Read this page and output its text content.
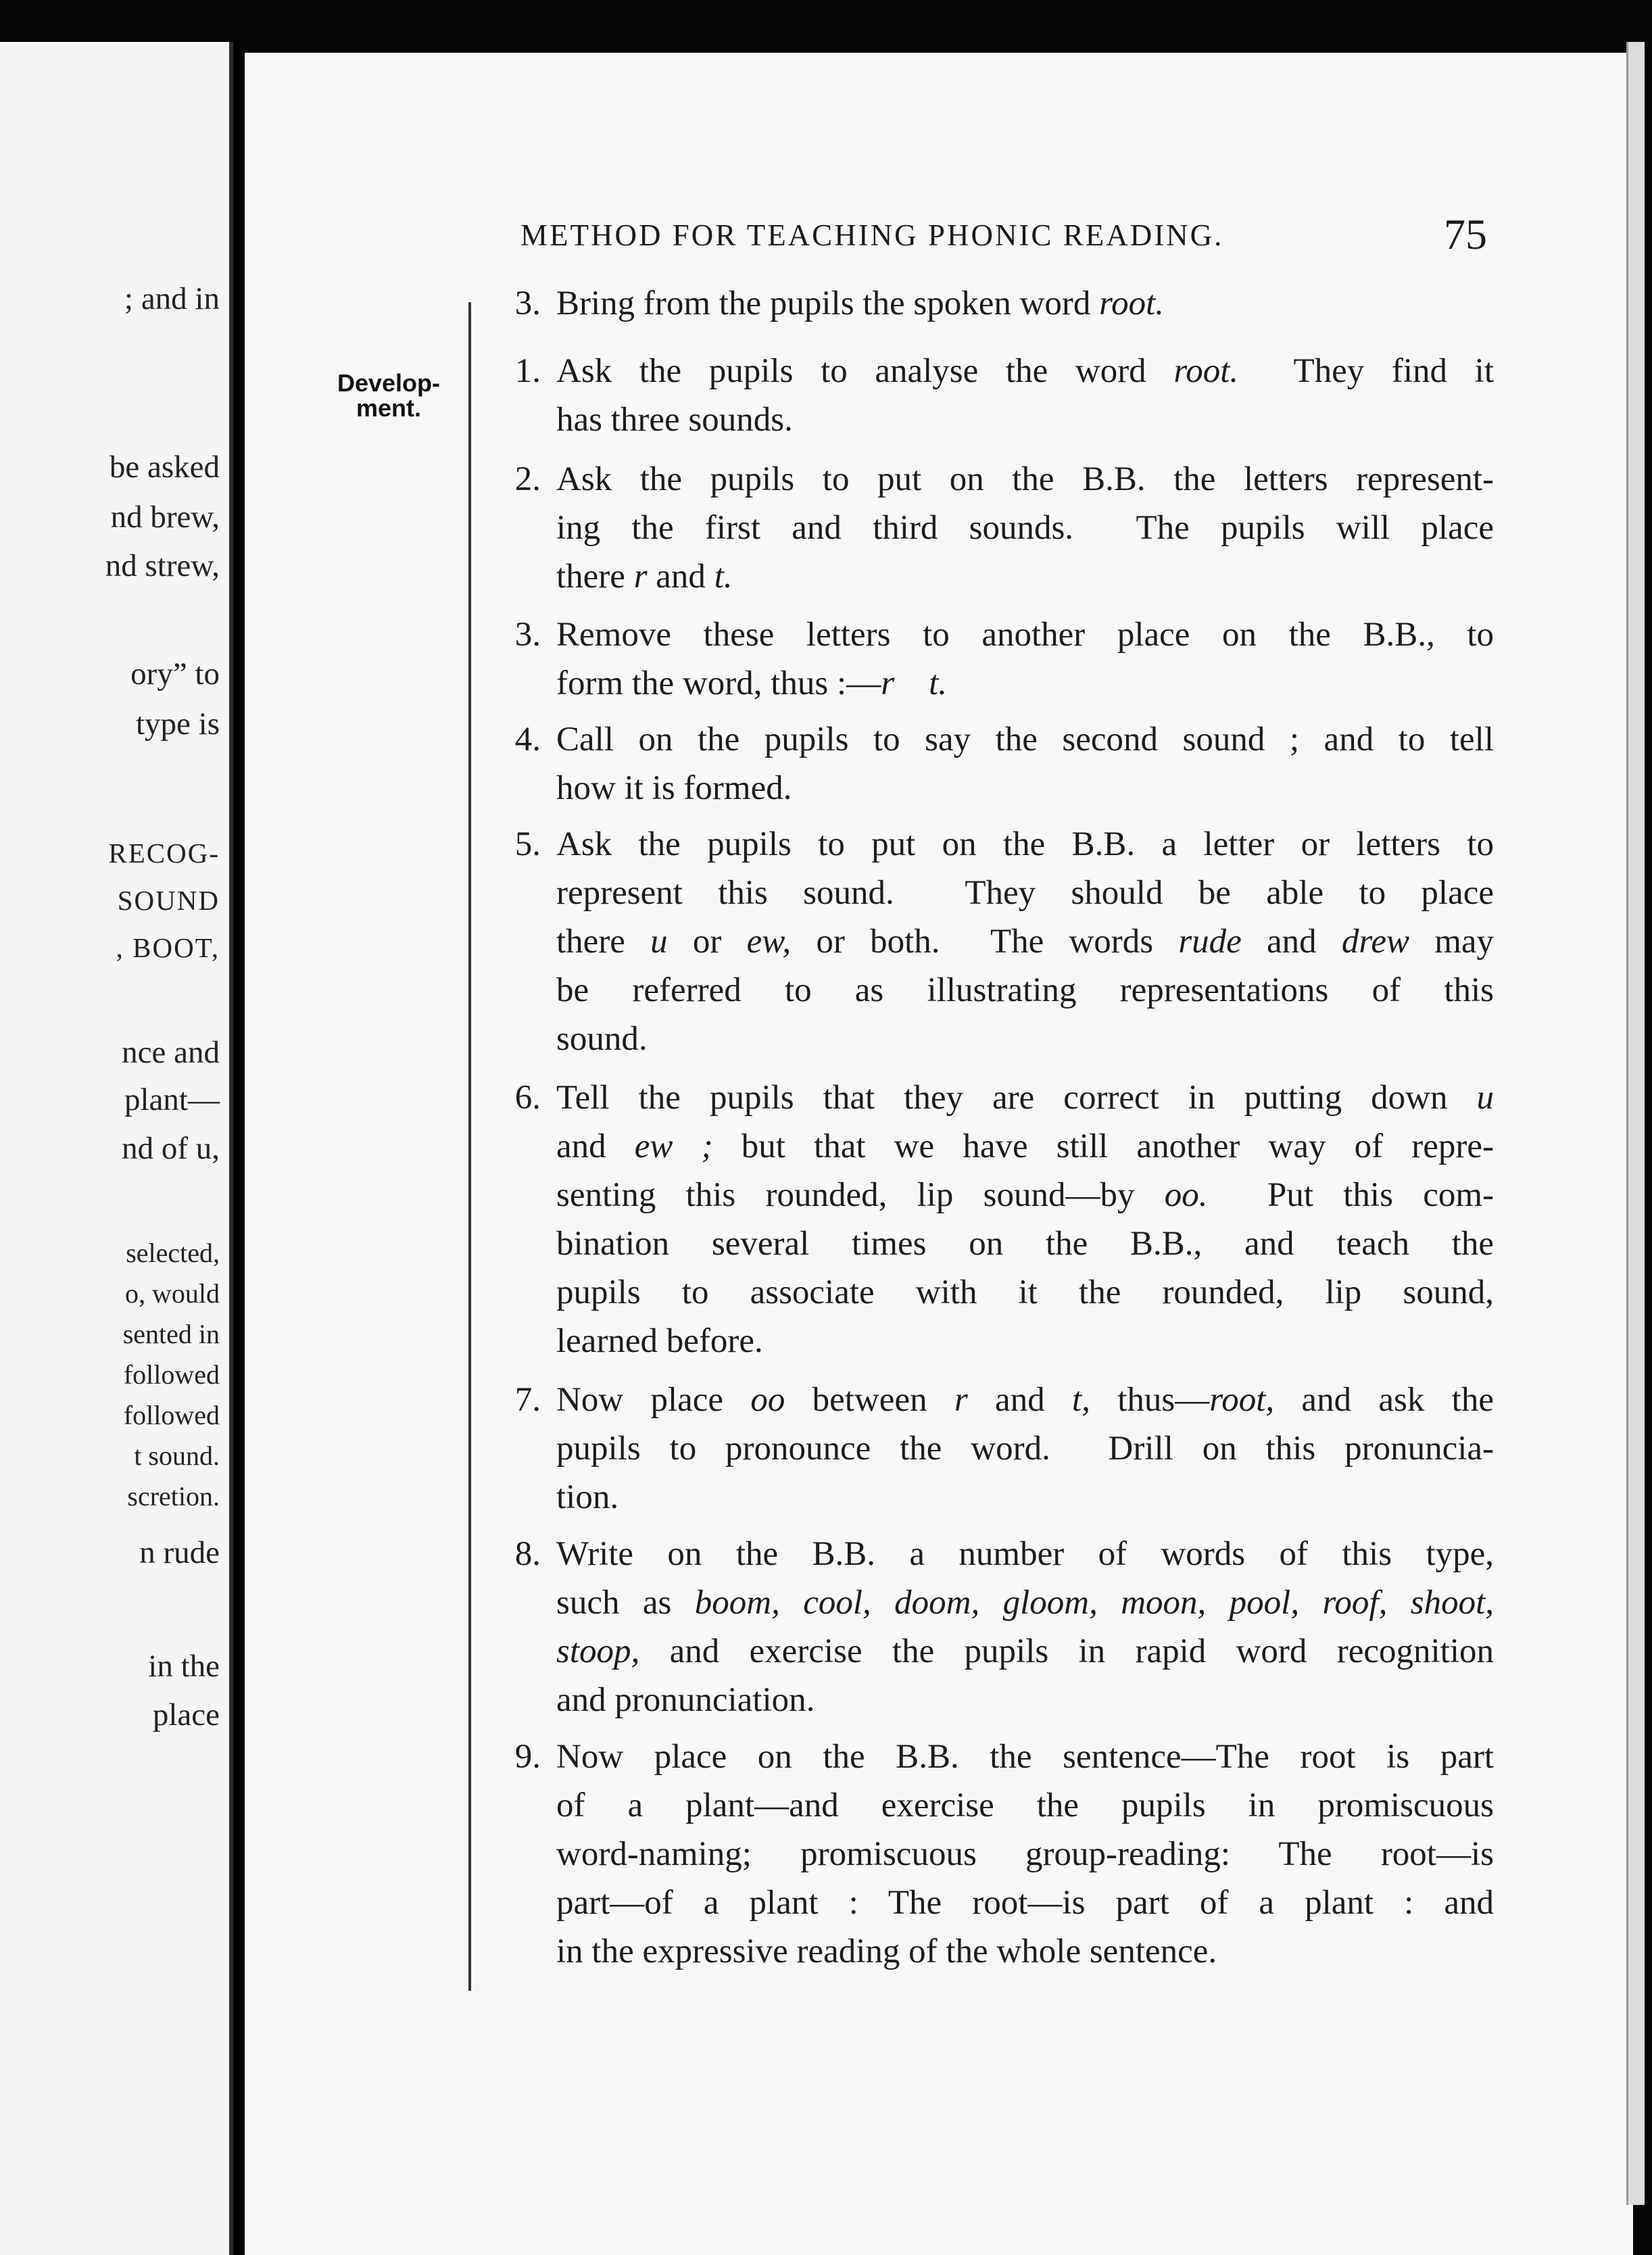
; and in
be asked
nd brew,
nd strew,
ory” to
type is
RECOG-
SOUND
, BOOT,
nce and
plant—
nd of u,
selected,
o, would
sented in
followed
followed
t sound.
scretion.
n rude
in the
place
METHOD FOR TEACHING PHONIC READING.	75
Develop-
ment.
3. Bring from the pupils the spoken word root.
1. Ask the pupils to analyse the word root.  They find it
has three sounds.
2. Ask the pupils to put on the B.B. the letters represent-
ing the first and third sounds.  The pupils will place
there r and t.
3. Remove these letters to another place on the B.B., to
form the word, thus :—r t.
4. Call on the pupils to say the second sound ; and to tell
how it is formed.
5. Ask the pupils to put on the B.B. a letter or letters to
represent this sound.  They should be able to place
there u or ew, or both.  The words rude and drew may
be referred to as illustrating representations of this
sound.
6. Tell the pupils that they are correct in putting down u
and ew ; but that we have still another way of repre-
senting this rounded, lip sound—by oo.  Put this com-
bination several times on the B.B., and teach the
pupils to associate with it the rounded, lip sound,
learned before.
7. Now place oo between r and t, thus—root, and ask the
pupils to pronounce the word.  Drill on this pronuncia-
tion.
8. Write on the B.B. a number of words of this type,
such as boom, cool, doom, gloom, moon, pool, roof, shoot,
stoop, and exercise the pupils in rapid word recognition
and pronunciation.
9. Now place on the B.B. the sentence—The root is part
of a plant—and exercise the pupils in promiscuous
word-naming; promiscuous group-reading: The root—is
part—of a plant : The root—is part of a plant : and
in the expressive reading of the whole sentence.
